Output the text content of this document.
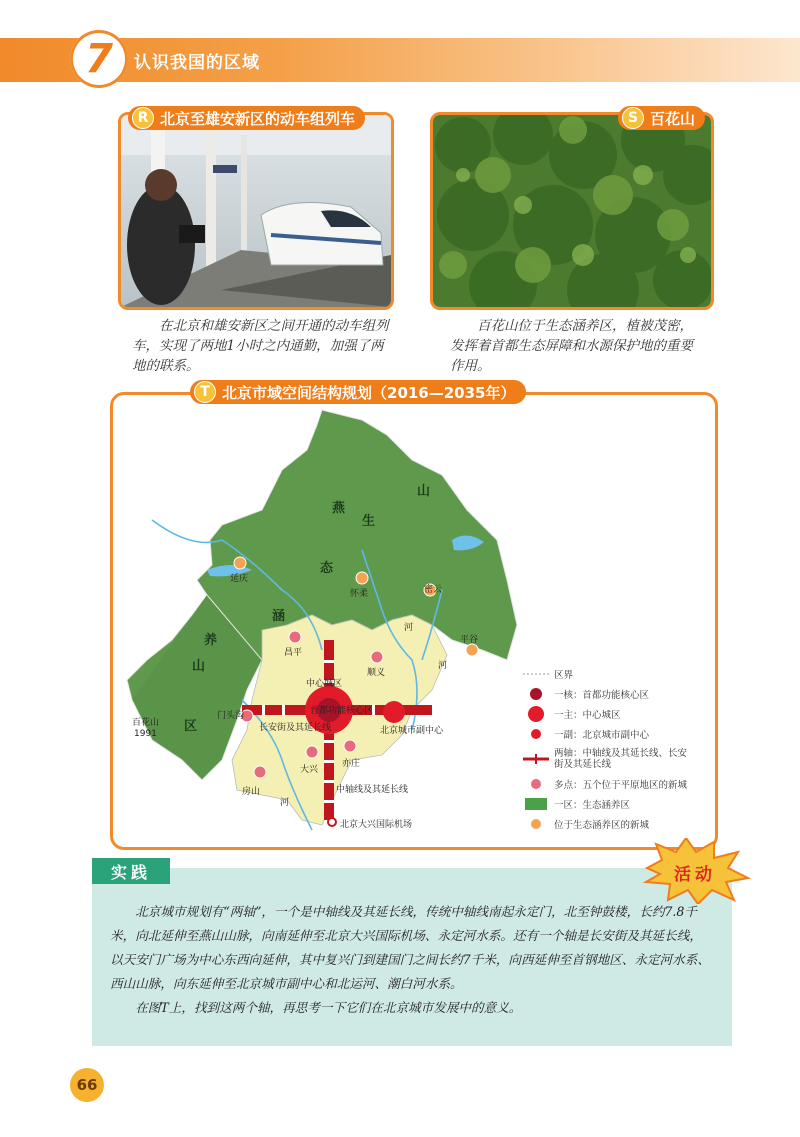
7 认识我国的区域
R 北京至雄安新区的动车组列车
在北京和雄安新区之间开通的动车组列车，实现了两地1小时之内通勤，加强了两地的联系。
S 百花山
百花山位于生态涵养区，植被茂密，发挥着首都生态屏障和水源保护地的重要作用。
T 北京市域空间结构规划（2016—2035年）
燕
山
生
态
涵
养
山
区
延庆
怀柔	密云
平谷
昌平
顺义
门头沟
房山
大兴
亦庄
中心城区
首都功能核心区
北京城市副中心
北京大兴国际机场
百花山
1991
长安街及其延长线
中轴线及其延长线
河
河
河
区界
一核：首都功能核心区
一主：中心城区
一副：北京城市副中心
两轴：中轴线及其延长线、长安街及其延长线
多点：五个位于平原地区的新城
一区：生态涵养区
位于生态涵养区的新城
实践	活动

北京城市规划有“两轴”，一个是中轴线及其延长线，传统中轴线南起永定门，北至钟鼓楼，长约7.8千米，向北延伸至燕山山脉，向南延伸至北京大兴国际机场、永定河水系。还有一个轴是长安街及其延长线，以天安门广场为中心东西向延伸，其中复兴门到建国门之间长约7千米，向西延伸至首钢地区、永定河水系、西山山脉，向东延伸至北京城市副中心和北运河、潮白河水系。

在图T上，找到这两个轴，再思考一下它们在北京城市发展中的意义。

66
